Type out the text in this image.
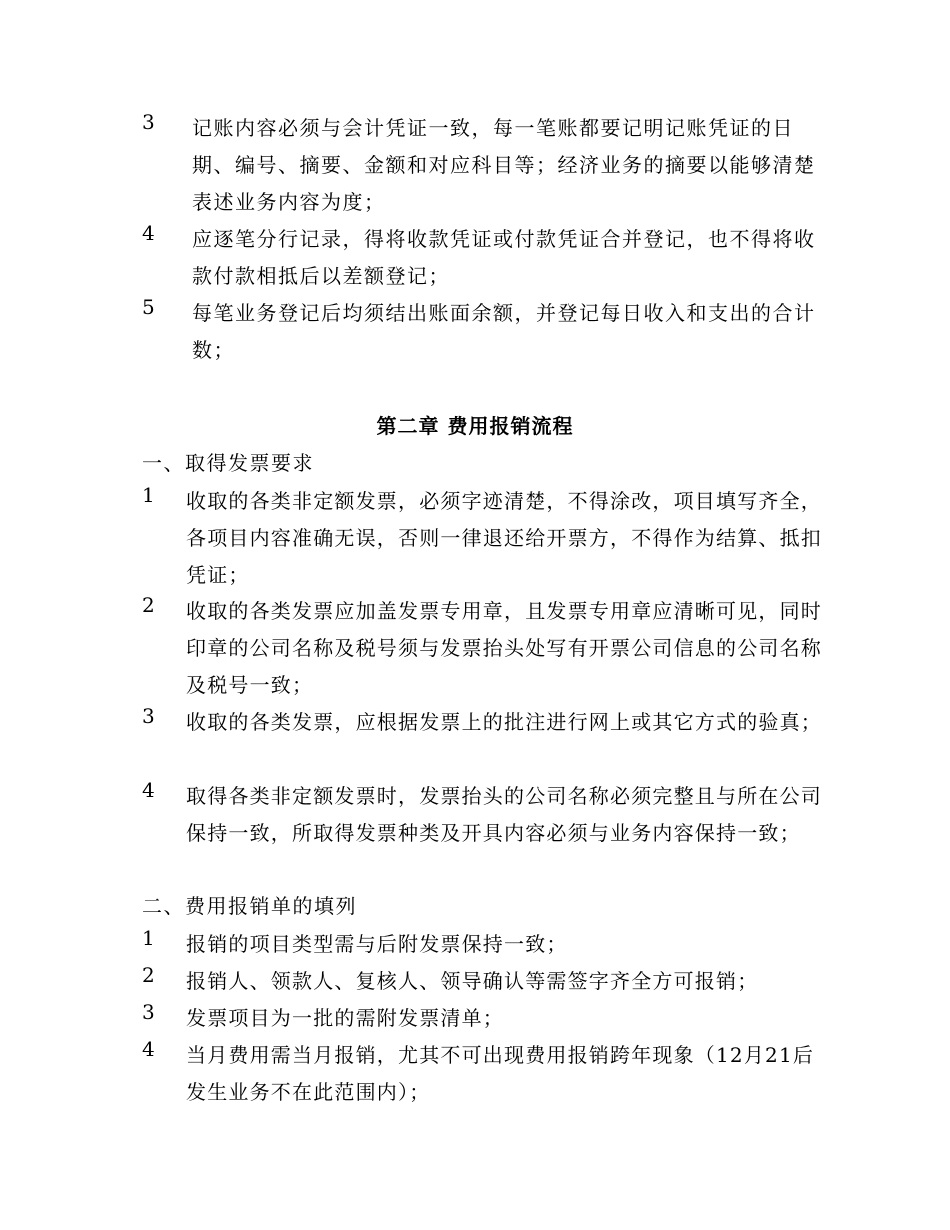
3	记账内容必须与会计凭证一致，每一笔账都要记明记账凭证的日期、编号、摘要、金额和对应科目等；经济业务的摘要以能够清楚表述业务内容为度；
4	应逐笔分行记录，得将收款凭证或付款凭证合并登记，也不得将收款付款相抵后以差额登记；
5	每笔业务登记后均须结出账面余额，并登记每日收入和支出的合计数；
第二章 费用报销流程
一、取得发票要求
1	收取的各类非定额发票，必须字迹清楚，不得涂改，项目填写齐全，各项目内容准确无误，否则一律退还给开票方，不得作为结算、抵扣凭证；
2	收取的各类发票应加盖发票专用章，且发票专用章应清晰可见，同时印章的公司名称及税号须与发票抬头处写有开票公司信息的公司名称及税号一致；
3	收取的各类发票，应根据发票上的批注进行网上或其它方式的验真；
4	取得各类非定额发票时，发票抬头的公司名称必须完整且与所在公司保持一致，所取得发票种类及开具内容必须与业务内容保持一致；
二、费用报销单的填列
1	报销的项目类型需与后附发票保持一致；
2	报销人、领款人、复核人、领导确认等需签字齐全方可报销；
3	发票项目为一批的需附发票清单；
4	当月费用需当月报销，尤其不可出现费用报销跨年现象（12月21后发生业务不在此范围内）；
